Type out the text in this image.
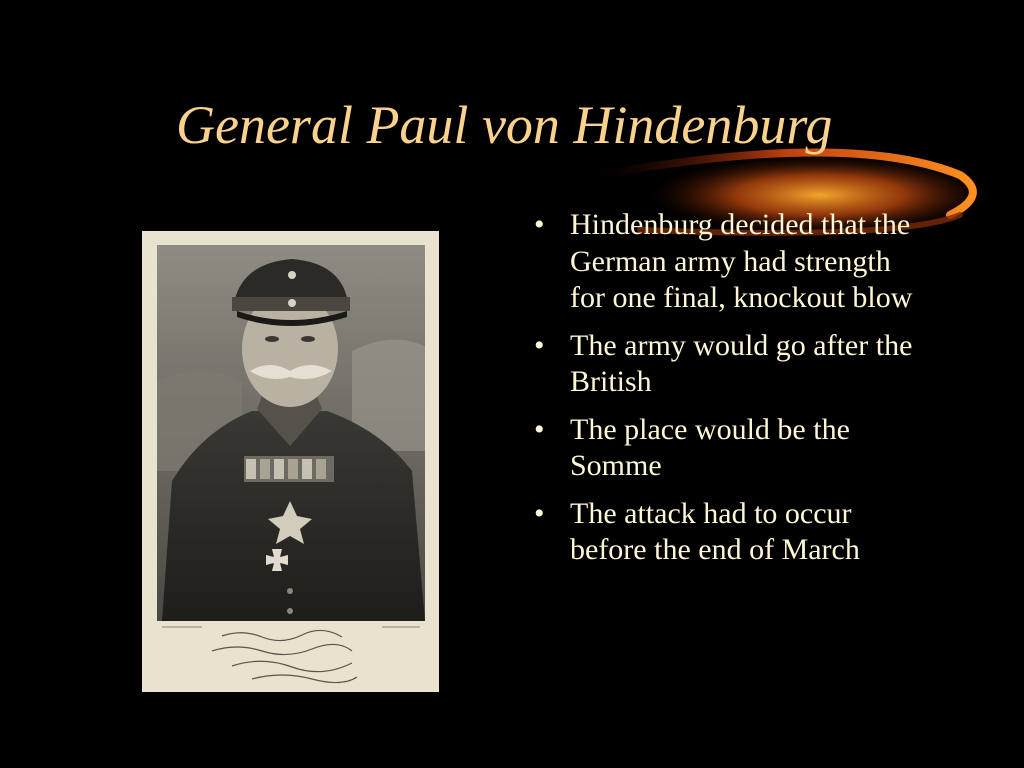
General Paul von Hindenburg
• Hindenburg decided that the German army had strength for one final, knockout blow
• The army would go after the British
• The place would be the Somme
• The attack had to occur before the end of March
